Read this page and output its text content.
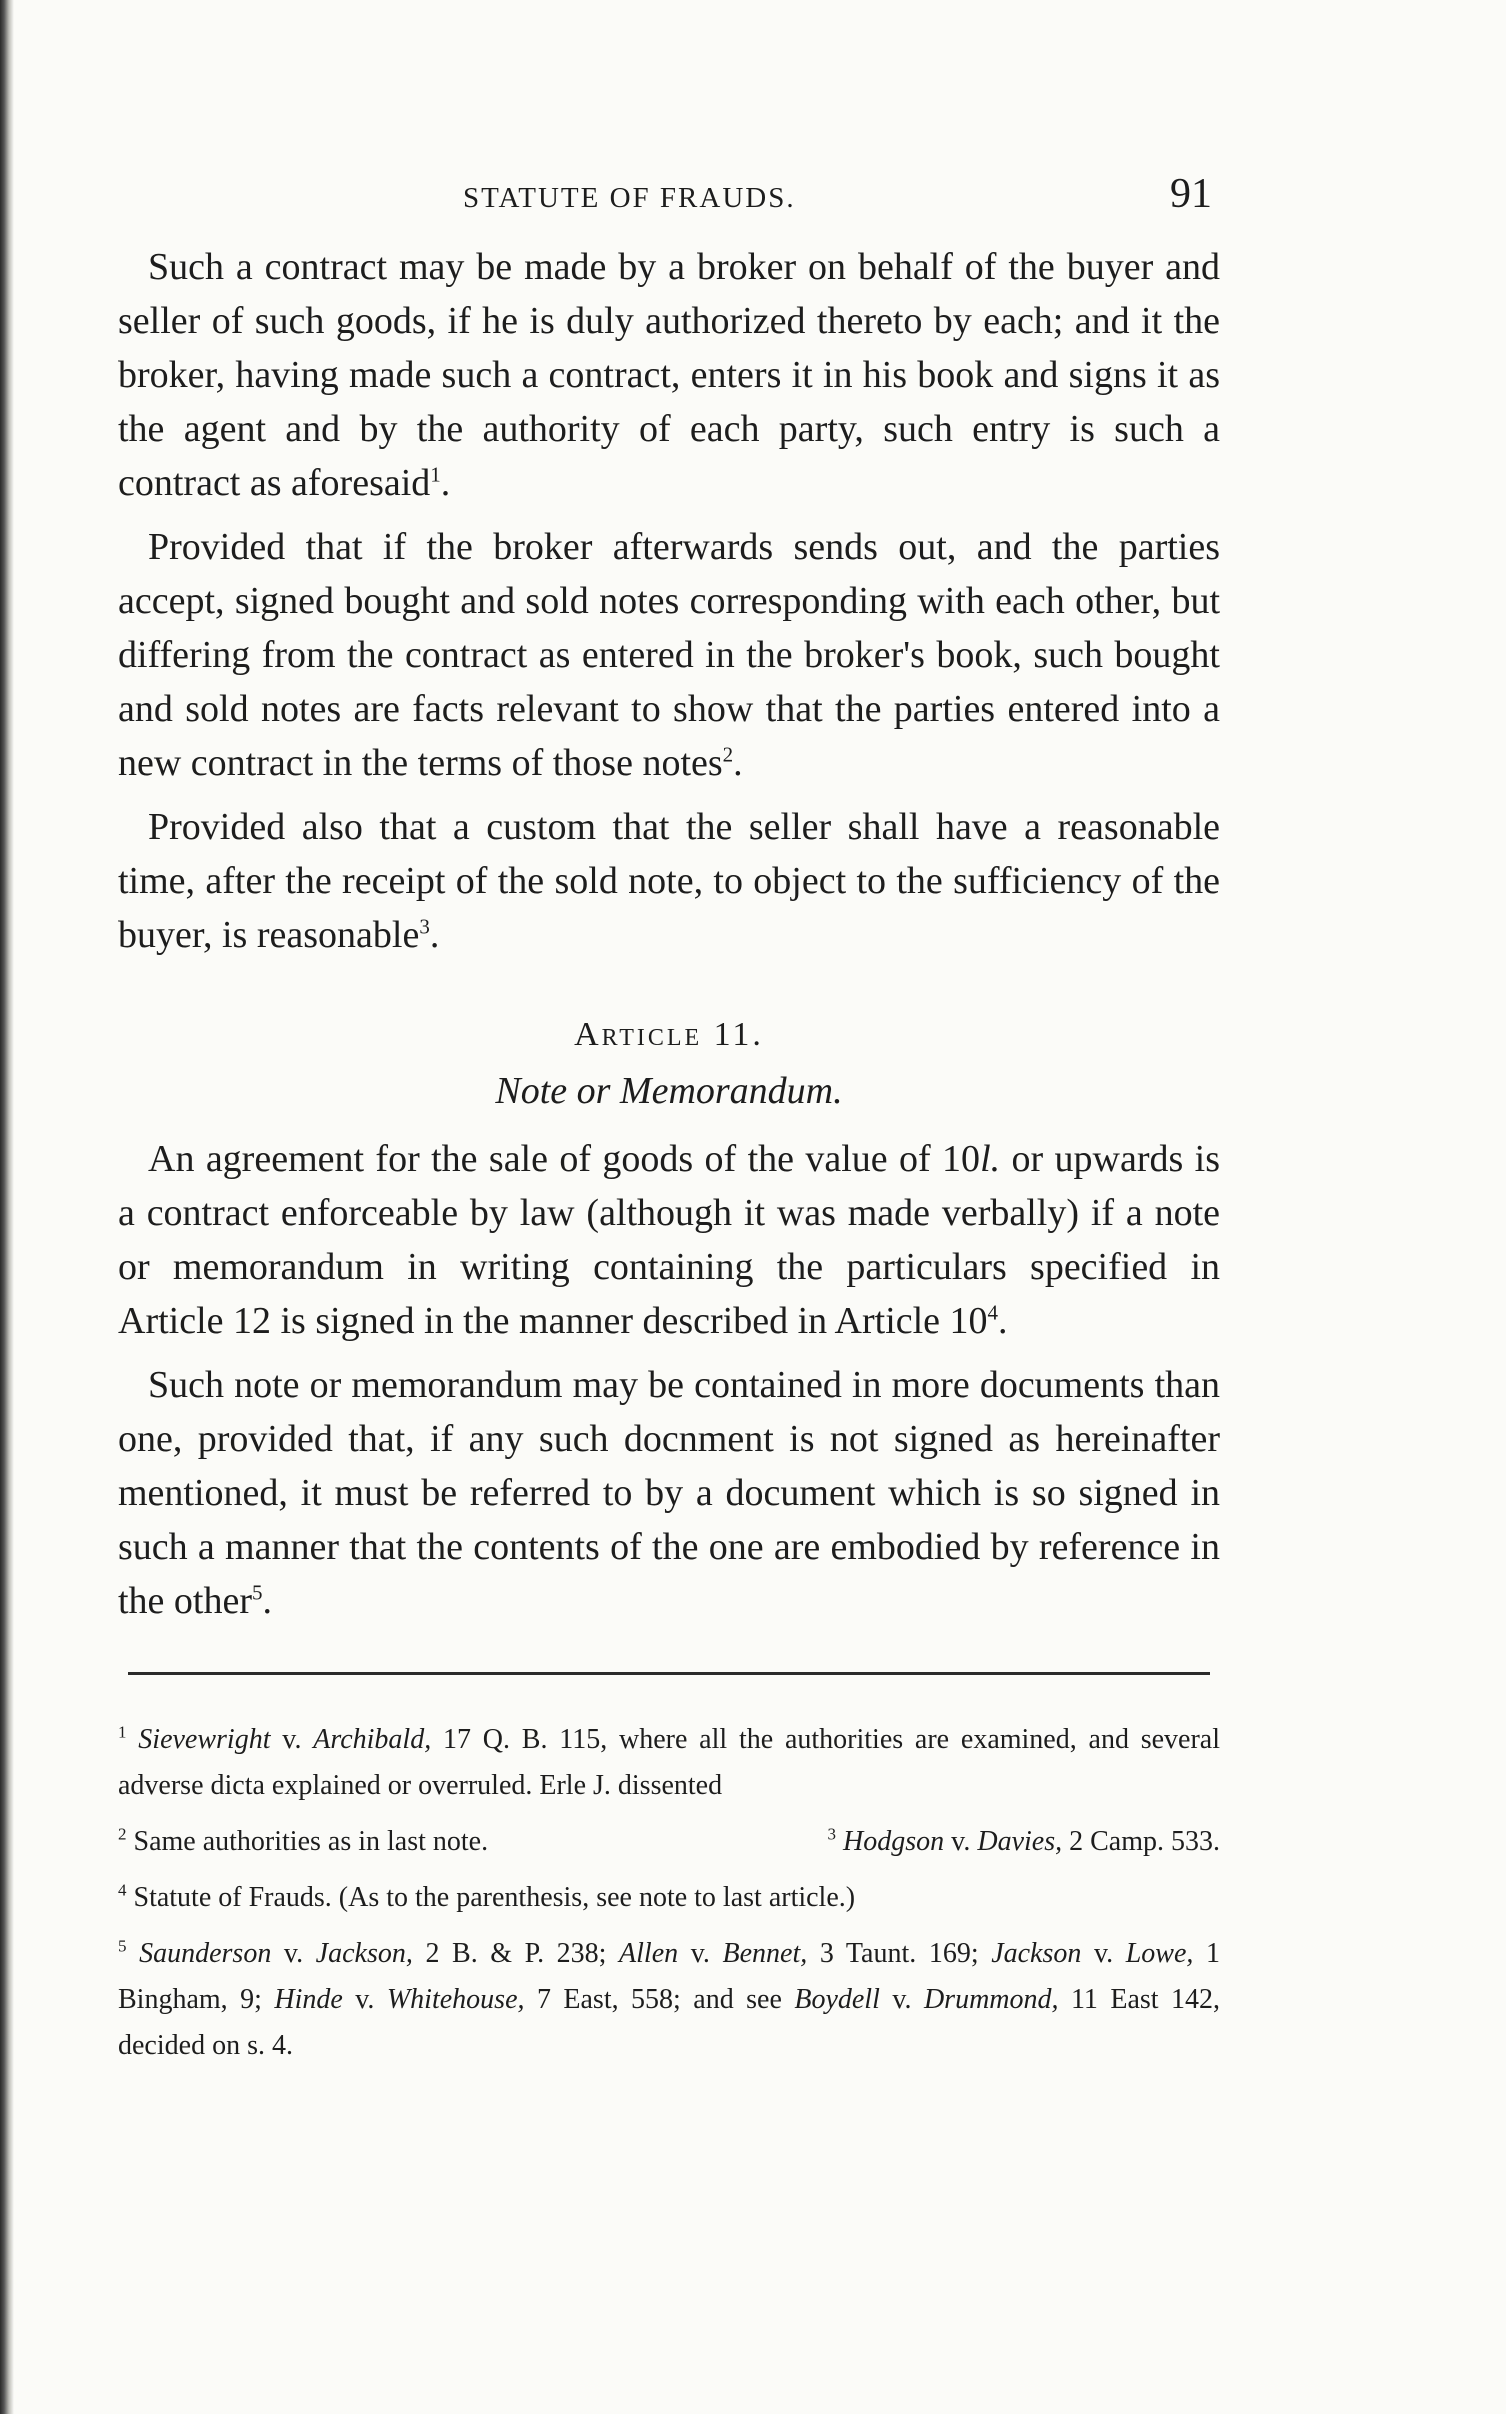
STATUTE OF FRAUDS.	91

Such a contract may be made by a broker on behalf of the buyer and seller of such goods, if he is duly authorized thereto by each; and it the broker, having made such a contract, enters it in his book and signs it as the agent and by the authority of each party, such entry is such a contract as aforesaid$^1$.

Provided that if the broker afterwards sends out, and the parties accept, signed bought and sold notes corresponding with each other, but differing from the contract as entered in the broker's book, such bought and sold notes are facts relevant to show that the parties entered into a new contract in the terms of those notes$^2$.

Provided also that a custom that the seller shall have a reasonable time, after the receipt of the sold note, to object to the sufficiency of the buyer, is reasonable$^3$.

Article 11.
Note or Memorandum.

An agreement for the sale of goods of the value of 10l. or upwards is a contract enforceable by law (although it was made verbally) if a note or memorandum in writing containing the particulars specified in Article 12 is signed in the manner described in Article $10^4$.

Such note or memorandum may be contained in more documents than one, provided that, if any such docnment is not signed as hereinafter mentioned, it must be referred to by a document which is so signed in such a manner that the contents of the one are embodied by reference in the other$^5$.

$^1$ Sievewright v. Archibald, 17 Q. B. 115, where all the authorities are examined, and several adverse dicta explained or overruled. Erle J. dissented
$^2$ Same authorities as in last note.	$^3$ Hodgson v. Davies, 2 Camp. 533.
$^4$ Statute of Frauds. (As to the parenthesis, see note to last article.)
$^5$ Saunderson v. Jackson, 2 B. & P. 238; Allen v. Bennet, 3 Taunt. 169; Jackson v. Lowe, 1 Bingham, 9; Hinde v. Whitehouse, 7 East, 558; and see Boydell v. Drummond, 11 East 142, decided on s. 4.
